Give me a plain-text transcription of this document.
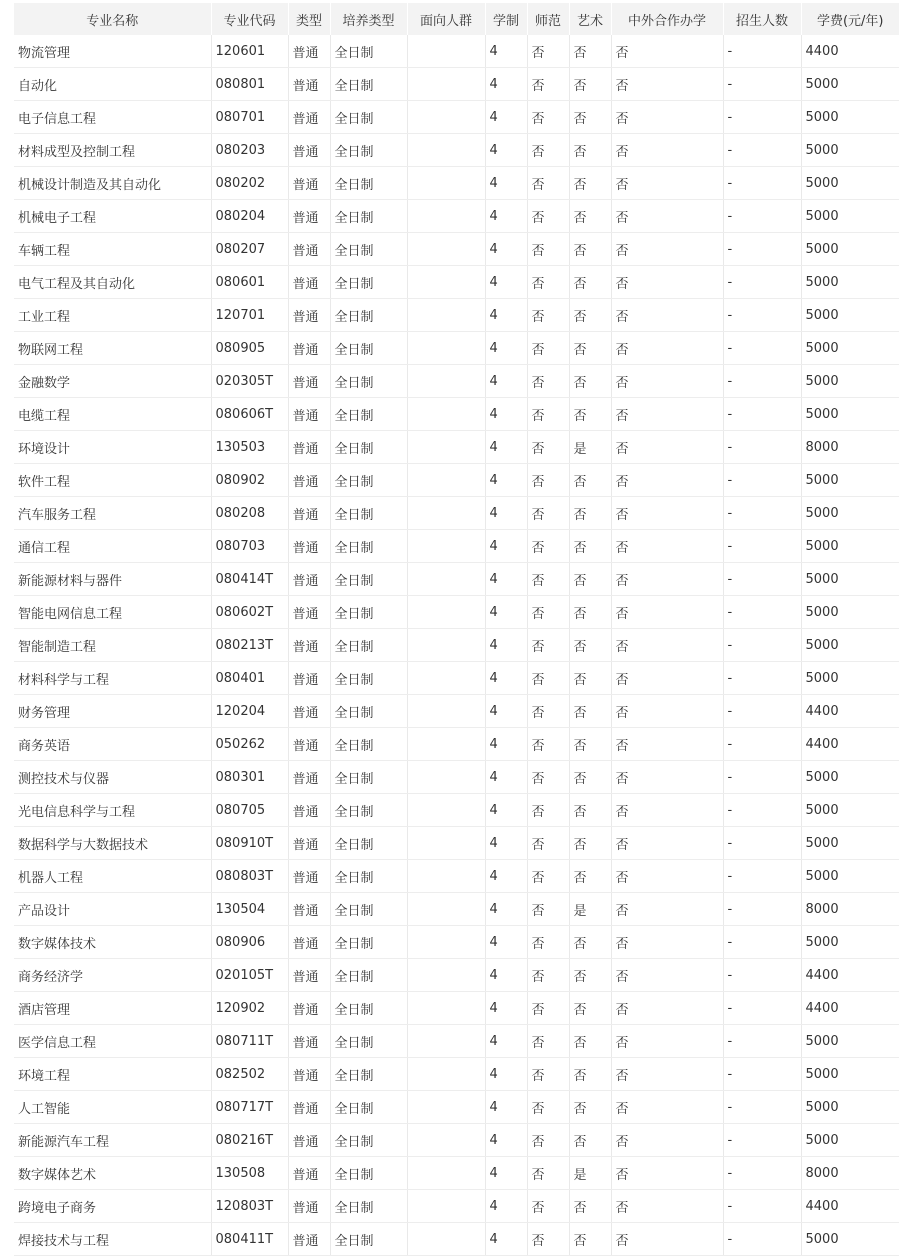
专业名称	专业代码	类型	培养类型	面向人群	学制	师范	艺术	中外合作办学	招生人数	学费(元/年)
物流管理	120601	普通	全日制		4	否	否	否	-	4400
自动化	080801	普通	全日制		4	否	否	否	-	5000
电子信息工程	080701	普通	全日制		4	否	否	否	-	5000
材料成型及控制工程	080203	普通	全日制		4	否	否	否	-	5000
机械设计制造及其自动化	080202	普通	全日制		4	否	否	否	-	5000
机械电子工程	080204	普通	全日制		4	否	否	否	-	5000
车辆工程	080207	普通	全日制		4	否	否	否	-	5000
电气工程及其自动化	080601	普通	全日制		4	否	否	否	-	5000
工业工程	120701	普通	全日制		4	否	否	否	-	5000
物联网工程	080905	普通	全日制		4	否	否	否	-	5000
金融数学	020305T	普通	全日制		4	否	否	否	-	5000
电缆工程	080606T	普通	全日制		4	否	否	否	-	5000
环境设计	130503	普通	全日制		4	否	是	否	-	8000
软件工程	080902	普通	全日制		4	否	否	否	-	5000
汽车服务工程	080208	普通	全日制		4	否	否	否	-	5000
通信工程	080703	普通	全日制		4	否	否	否	-	5000
新能源材料与器件	080414T	普通	全日制		4	否	否	否	-	5000
智能电网信息工程	080602T	普通	全日制		4	否	否	否	-	5000
智能制造工程	080213T	普通	全日制		4	否	否	否	-	5000
材料科学与工程	080401	普通	全日制		4	否	否	否	-	5000
财务管理	120204	普通	全日制		4	否	否	否	-	4400
商务英语	050262	普通	全日制		4	否	否	否	-	4400
测控技术与仪器	080301	普通	全日制		4	否	否	否	-	5000
光电信息科学与工程	080705	普通	全日制		4	否	否	否	-	5000
数据科学与大数据技术	080910T	普通	全日制		4	否	否	否	-	5000
机器人工程	080803T	普通	全日制		4	否	否	否	-	5000
产品设计	130504	普通	全日制		4	否	是	否	-	8000
数字媒体技术	080906	普通	全日制		4	否	否	否	-	5000
商务经济学	020105T	普通	全日制		4	否	否	否	-	4400
酒店管理	120902	普通	全日制		4	否	否	否	-	4400
医学信息工程	080711T	普通	全日制		4	否	否	否	-	5000
环境工程	082502	普通	全日制		4	否	否	否	-	5000
人工智能	080717T	普通	全日制		4	否	否	否	-	5000
新能源汽车工程	080216T	普通	全日制		4	否	否	否	-	5000
数字媒体艺术	130508	普通	全日制		4	否	是	否	-	8000
跨境电子商务	120803T	普通	全日制		4	否	否	否	-	4400
焊接技术与工程	080411T	普通	全日制		4	否	否	否	-	5000
